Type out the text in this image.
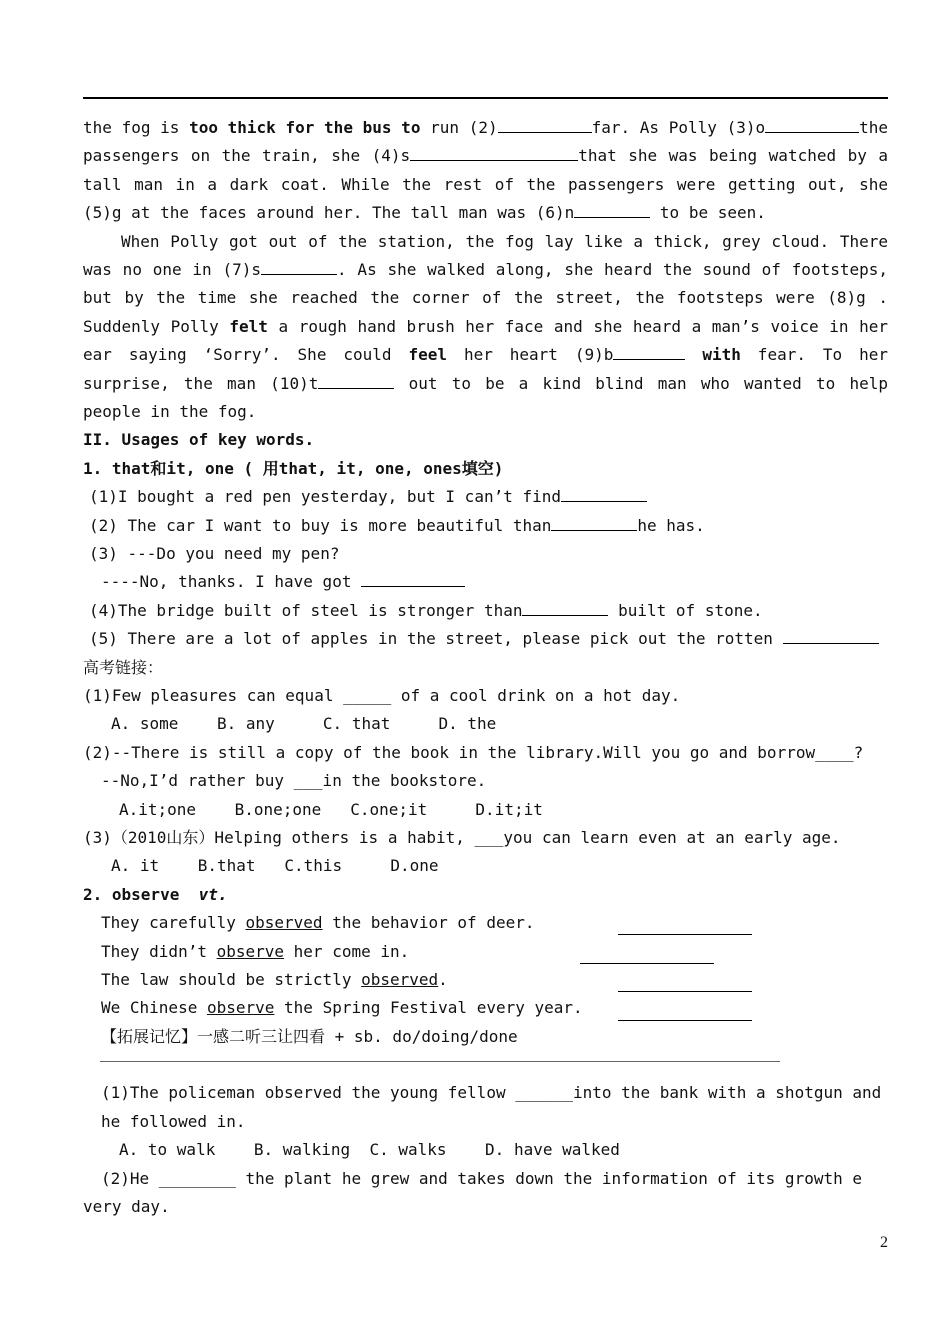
the fog is too thick for the bus to run (2)	far. As Polly (3)o	the passengers on the train, she (4)s	that she was being watched by a tall man in a dark coat. While the rest of the passengers were getting out, she (5)g at the faces around her. The tall man was (6)n	to be seen.

When Polly got out of the station, the fog lay like a thick, grey cloud. There was no one in (7)s	. As she walked along, she heard the sound of footsteps, but by the time she reached the corner of the street, the footsteps were (8)g . Suddenly Polly felt a rough hand brush her face and she heard a man’s voice in her ear saying ‘Sorry’. She could feel her heart (9)b	with fear. To her surprise, the man (10)t	out to be a kind blind man who wanted to help people in the fog.

II. Usages of key words.

1. that和it, one ( 用that, it, one, ones填空)

(1)I bought a red pen yesterday, but I can’t find

(2) The car I want to buy is more beautiful than	he has.

(3) ---Do you need my pen?

----No, thanks. I have got

(4)The bridge built of steel is stronger than	built of stone.

(5) There are a lot of apples in the street, please pick out the rotten

高考链接：

(1)Few pleasures can equal _____ of a cool drink on a hot day.

A. some    B. any     C. that     D. the

(2)--There is still a copy of the book in the library.Will you go and borrow____?

--No,I’d rather buy ___in the bookstore.

A.it;one    B.one;one   C.one;it     D.it;it

(3)（2010山东）Helping others is a habit, ___you can learn even at an early age.

A. it    B.that   C.this     D.one

2. observe vt.

They carefully observed the behavior of deer.

They didn’t observe her come in.

The law should be strictly observed.

We Chinese observe the Spring Festival every year.

【拓展记忆】一感二听三让四看 + sb. do/doing/done

(1)The policeman observed the young fellow ______into the bank with a shotgun and

he followed in.

A. to walk    B. walking  C. walks    D. have walked

(2)He ________ the plant he grew and takes down the information of its growth e

very day.

2
